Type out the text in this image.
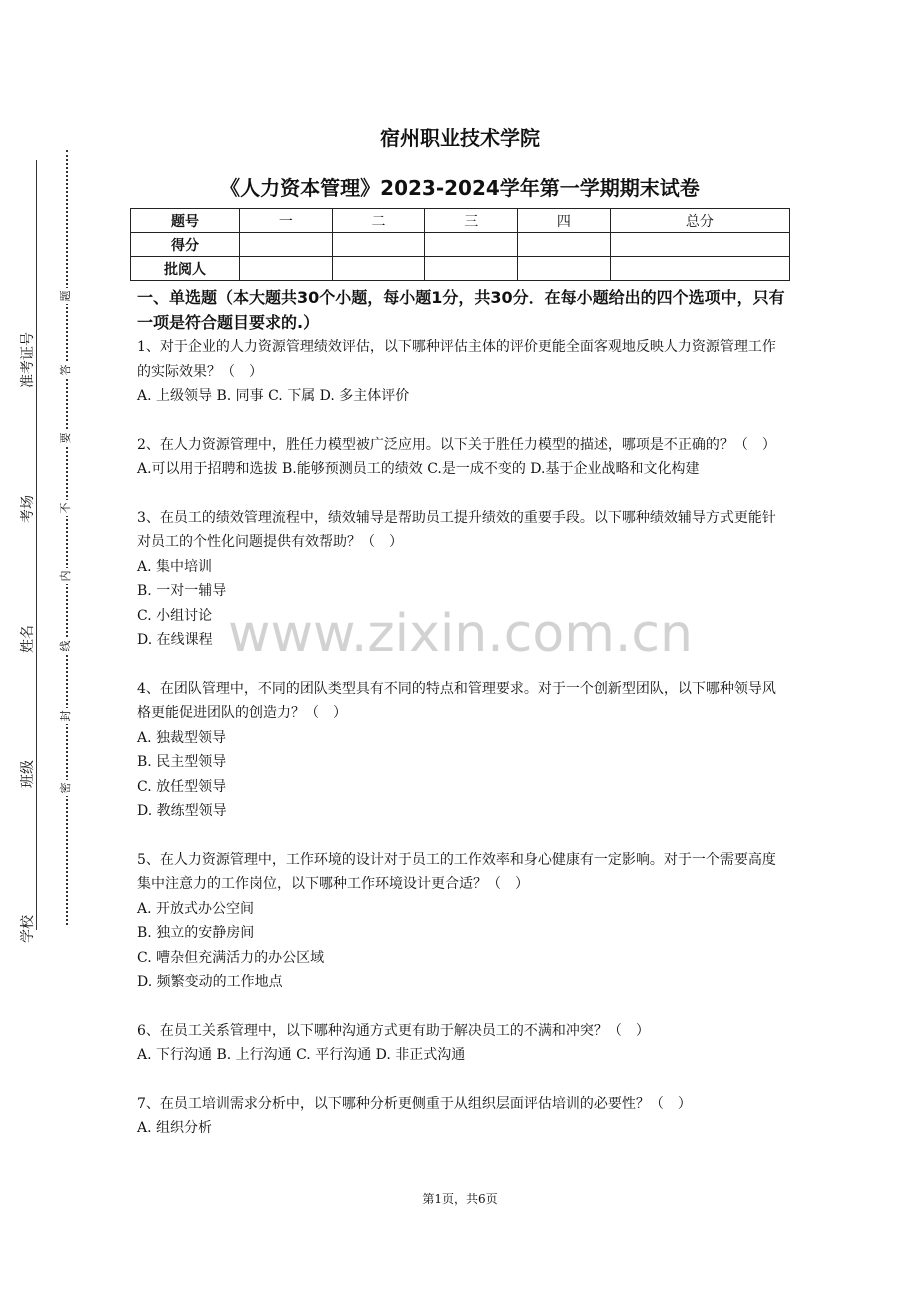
准考证号
考场
姓名
班级
学校
题
答
要
不
内
线
封
密
宿州职业技术学院
《人力资本管理》2023-2024学年第一学期期末试卷
题号	一	二	三	四	总分
得分					
批阅人					
一、单选题（本大题共30个小题，每小题1分，共30分．在每小题给出的四个选项中，只有一项是符合题目要求的.）

1、对于企业的人力资源管理绩效评估，以下哪种评估主体的评价更能全面客观地反映人力资源管理工作的实际效果？（　）

A. 上级领导 B. 同事 C. 下属 D. 多主体评价

2、在人力资源管理中，胜任力模型被广泛应用。以下关于胜任力模型的描述，哪项是不正确的？（　）

A.可以用于招聘和选拔 B.能够预测员工的绩效 C.是一成不变的 D.基于企业战略和文化构建

3、在员工的绩效管理流程中，绩效辅导是帮助员工提升绩效的重要手段。以下哪种绩效辅导方式更能针对员工的个性化问题提供有效帮助？（　）

A. 集中培训

B. 一对一辅导

C. 小组讨论

D. 在线课程

4、在团队管理中，不同的团队类型具有不同的特点和管理要求。对于一个创新型团队，以下哪种领导风格更能促进团队的创造力？（　）

A. 独裁型领导

B. 民主型领导

C. 放任型领导

D. 教练型领导

5、在人力资源管理中，工作环境的设计对于员工的工作效率和身心健康有一定影响。对于一个需要高度集中注意力的工作岗位，以下哪种工作环境设计更合适？（　）

A. 开放式办公空间

B. 独立的安静房间

C. 嘈杂但充满活力的办公区域

D. 频繁变动的工作地点

6、在员工关系管理中，以下哪种沟通方式更有助于解决员工的不满和冲突？（　）

A. 下行沟通 B. 上行沟通 C. 平行沟通 D. 非正式沟通

7、在员工培训需求分析中，以下哪种分析更侧重于从组织层面评估培训的必要性？（　）

A. 组织分析

www.zixin.com.cn
第1页，共6页
